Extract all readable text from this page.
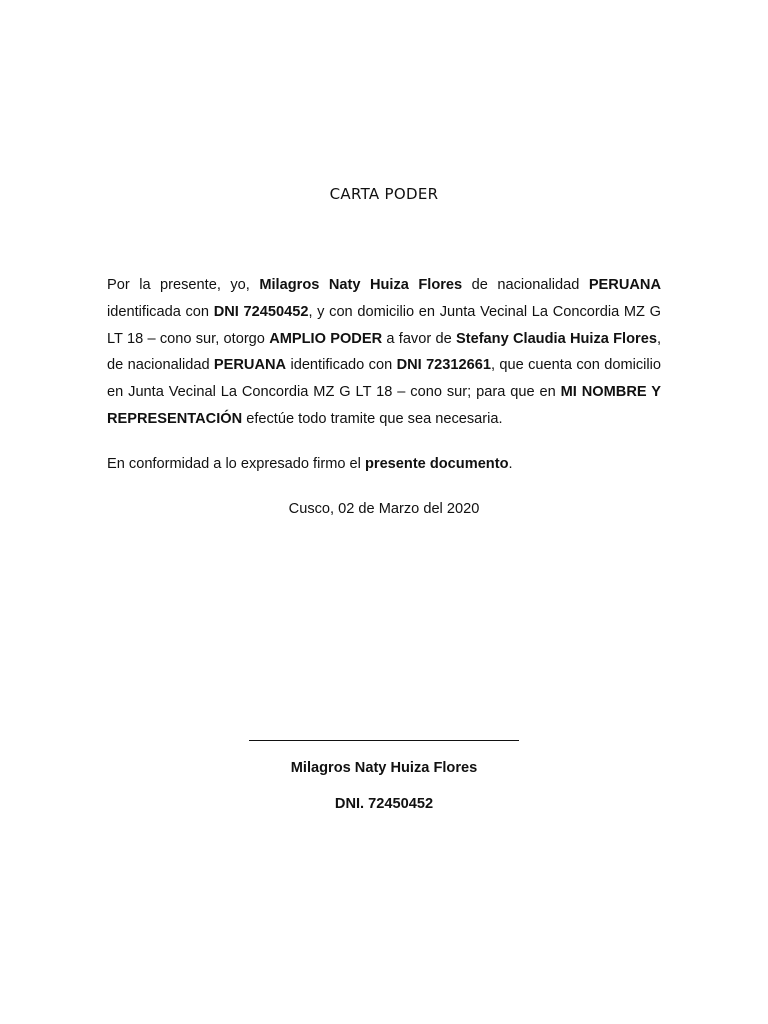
CARTA PODER
Por la presente, yo, Milagros Naty Huiza Flores de nacionalidad PERUANA identificada con DNI 72450452, y con domicilio en Junta Vecinal La Concordia MZ G LT 18 – cono sur, otorgo AMPLIO PODER a favor de Stefany Claudia Huiza Flores, de nacionalidad PERUANA identificado con DNI 72312661, que cuenta con domicilio en Junta Vecinal La Concordia MZ G LT 18 – cono sur; para que en MI NOMBRE Y REPRESENTACIÓN efectúe todo tramite que sea necesaria.
En conformidad a lo expresado firmo el presente documento.
Cusco, 02 de Marzo del 2020
Milagros Naty Huiza Flores
DNI. 72450452
